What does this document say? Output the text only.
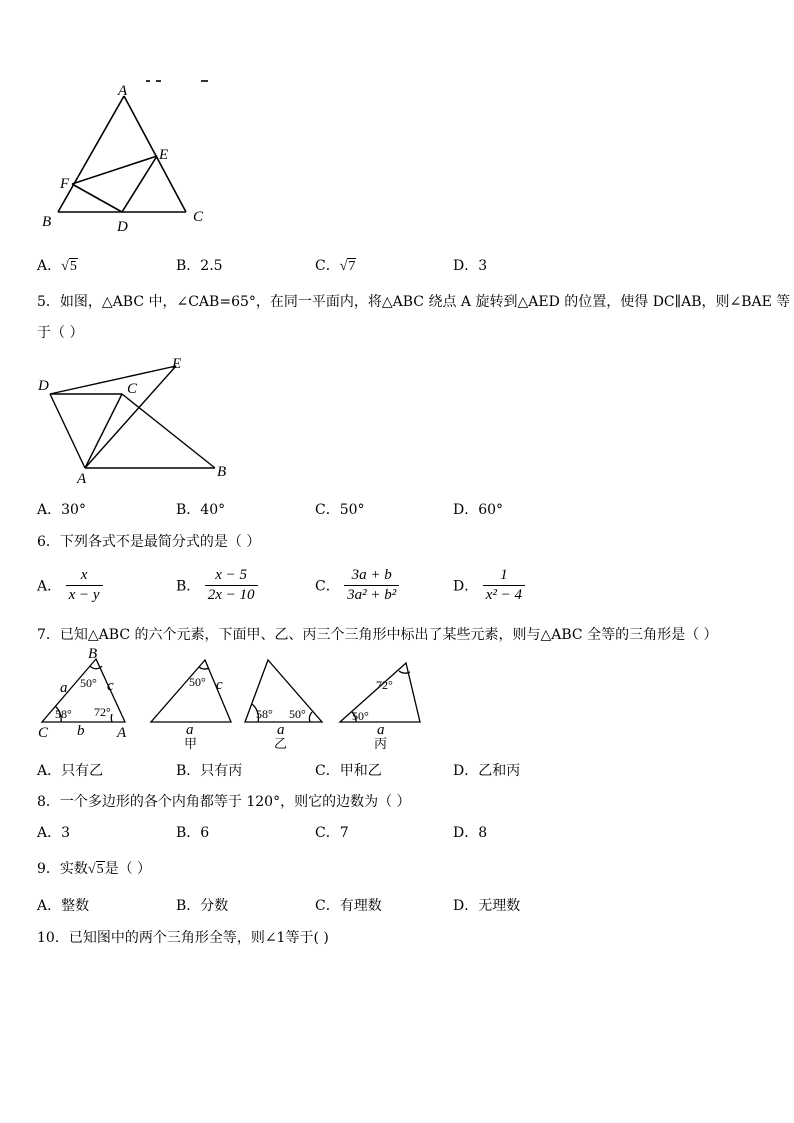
A
E
F
B	D
C
A．√5	B．2.5	C．√7	D．3
5．如图，△ABC 中，∠CAB=65°，在同一平面内，将△ABC 绕点 A 旋转到△AED 的位置，使得 DC∥AB，则∠BAE 等
于（ ）
D	C
E
A	B
A．30°	B．40°	C．50°	D．60°
6．下列各式不是最简分式的是（ ）
A． $\frac{x}{x - y}$	B． $\frac{x - 5}{2x - 10}$	C． $\frac{3a + b}{\text{3a² + b²}}$	D． $\frac{1}{\text{x² − 4}}$
7．已知△ABC 的六个元素，下面甲、乙、丙三个三角形中标出了某些元素，则与△ABC 全等的三角形是（ ）
B
a	c
50°
58° 72°
C b A
50° c
a
甲
58° 50°
a
乙
72°
50°
a
丙
A．只有乙	B．只有丙	C．甲和乙	D．乙和丙
8．一个多边形的各个内角都等于 120°，则它的边数为（ ）
A．3	B．6	C．7	D．8
9．实数√5是（ ）
A．整数	B．分数	C．有理数	D．无理数
10．已知图中的两个三角形全等，则∠1等于( )
